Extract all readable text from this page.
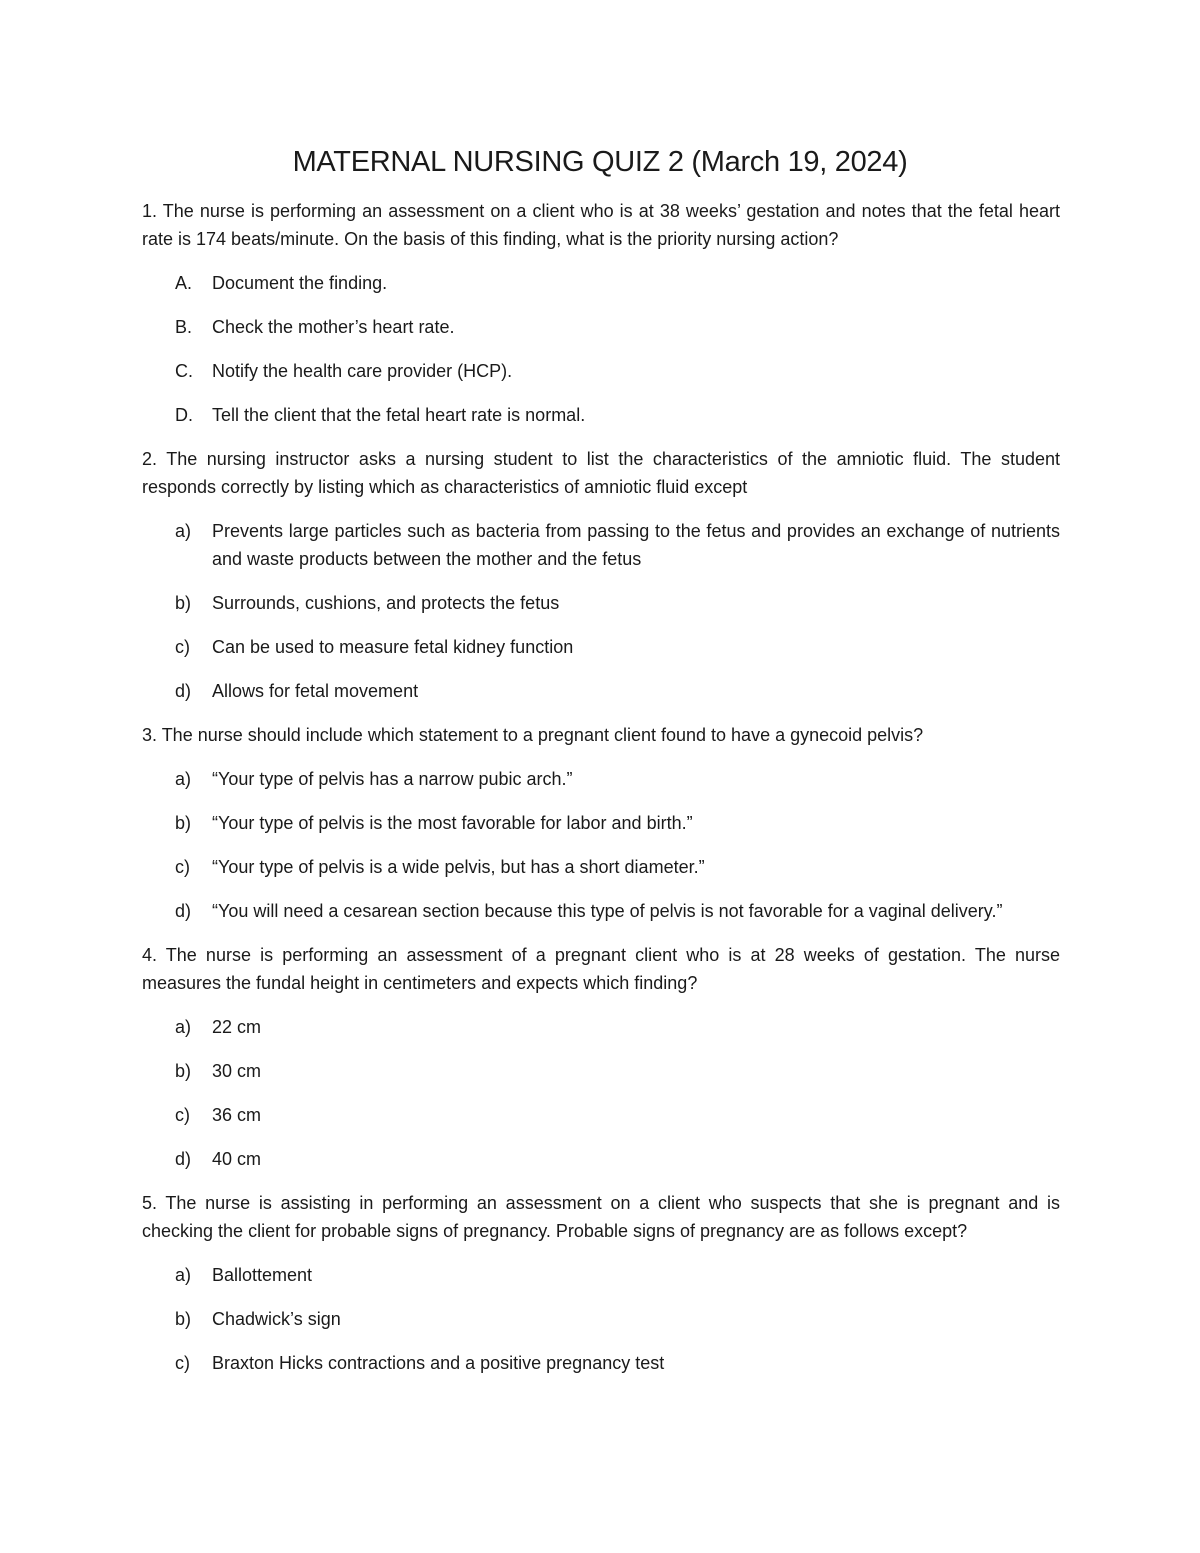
MATERNAL NURSING QUIZ 2 (March 19, 2024)

1. The nurse is performing an assessment on a client who is at 38 weeks’ gestation and notes that the fetal heart rate is 174 beats/minute. On the basis of this finding, what is the priority nursing action?

A.	Document the finding.
B.	Check the mother’s heart rate.
C.	Notify the health care provider (HCP).
D.	Tell the client that the fetal heart rate is normal.

2. The nursing instructor asks a nursing student to list the characteristics of the amniotic fluid. The student responds correctly by listing which as characteristics of amniotic fluid except

a)	Prevents large particles such as bacteria from passing to the fetus and provides an exchange of nutrients and waste products between the mother and the fetus
b)	Surrounds, cushions, and protects the fetus
c)	Can be used to measure fetal kidney function
d)	Allows for fetal movement

3. The nurse should include which statement to a pregnant client found to have a gynecoid pelvis?

a)	“Your type of pelvis has a narrow pubic arch.”
b)	“Your type of pelvis is the most favorable for labor and birth.”
c)	“Your type of pelvis is a wide pelvis, but has a short diameter.”
d)	“You will need a cesarean section because this type of pelvis is not favorable for a vaginal delivery.”

4. The nurse is performing an assessment of a pregnant client who is at 28 weeks of gestation. The nurse measures the fundal height in centimeters and expects which finding?

a)	22 cm
b)	30 cm
c)	36 cm
d)	40 cm

5. The nurse is assisting in performing an assessment on a client who suspects that she is pregnant and is checking the client for probable signs of pregnancy. Probable signs of pregnancy are as follows except?

a)	Ballottement
b)	Chadwick’s sign
c)	Braxton Hicks contractions and a positive pregnancy test
